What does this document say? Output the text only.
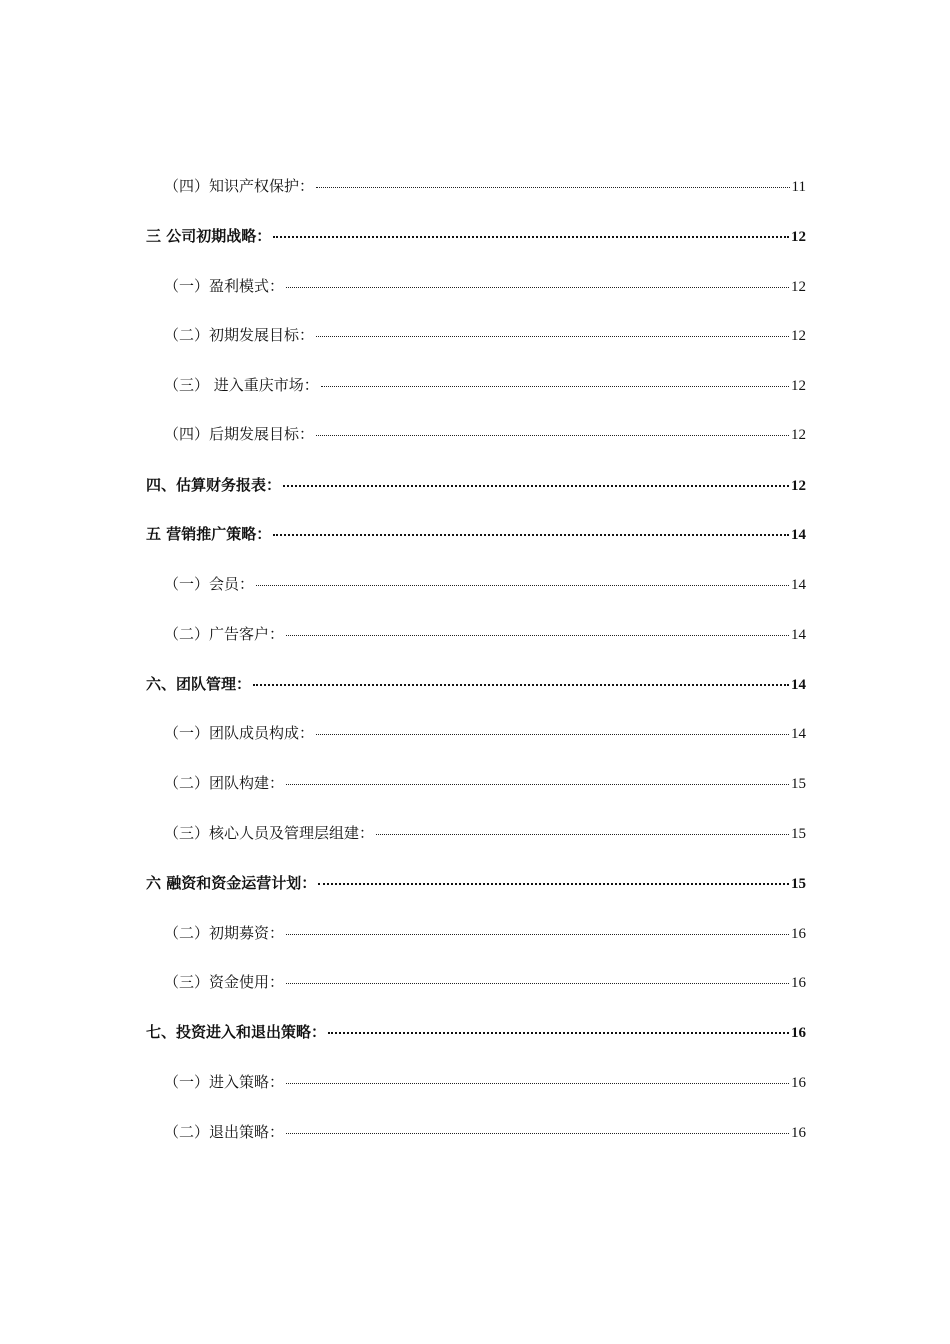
（四）知识产权保护：	11
三 公司初期战略：	12
（一）盈利模式：	12
（二）初期发展目标：	12
（三） 进入重庆市场：	12
（四）后期发展目标：	12
四、估算财务报表：	12
五 营销推广策略：	14
（一）会员：	14
（二）广告客户：	14
六、团队管理：	14
（一）团队成员构成：	14
（二）团队构建：	15
（三）核心人员及管理层组建：	15
六 融资和资金运营计划：	15
（二）初期募资：	16
（三）资金使用：	16
七、投资进入和退出策略：	16
（一）进入策略：	16
（二）退出策略：	16
